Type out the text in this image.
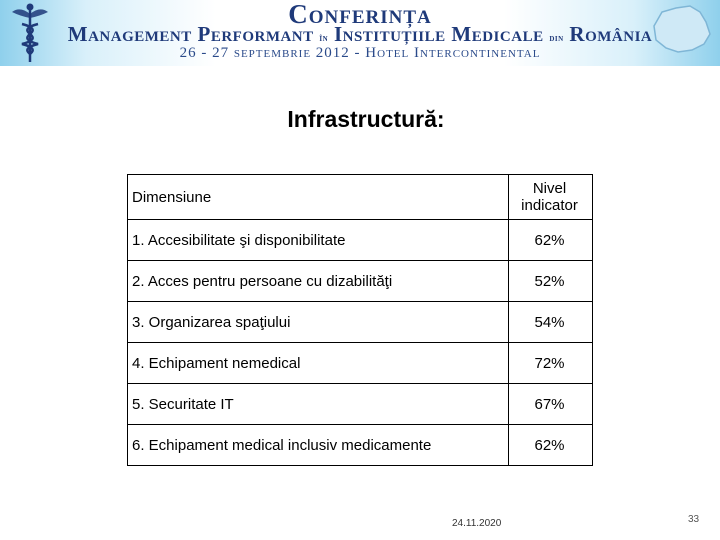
Conferința
Management Performant în Instituțiile Medicale din România
26 - 27 septembrie 2012 - Hotel Intercontinental
Infrastructură:
Dimensiune	Nivel indicator
1. Accesibilitate şi disponibilitate	62%
2. Acces pentru persoane cu dizabilităţi	52%
3. Organizarea spaţiului	54%
4. Echipament nemedical	72%
5. Securitate IT	67%
6. Echipament medical inclusiv medicamente	62%
24.11.2020	33
